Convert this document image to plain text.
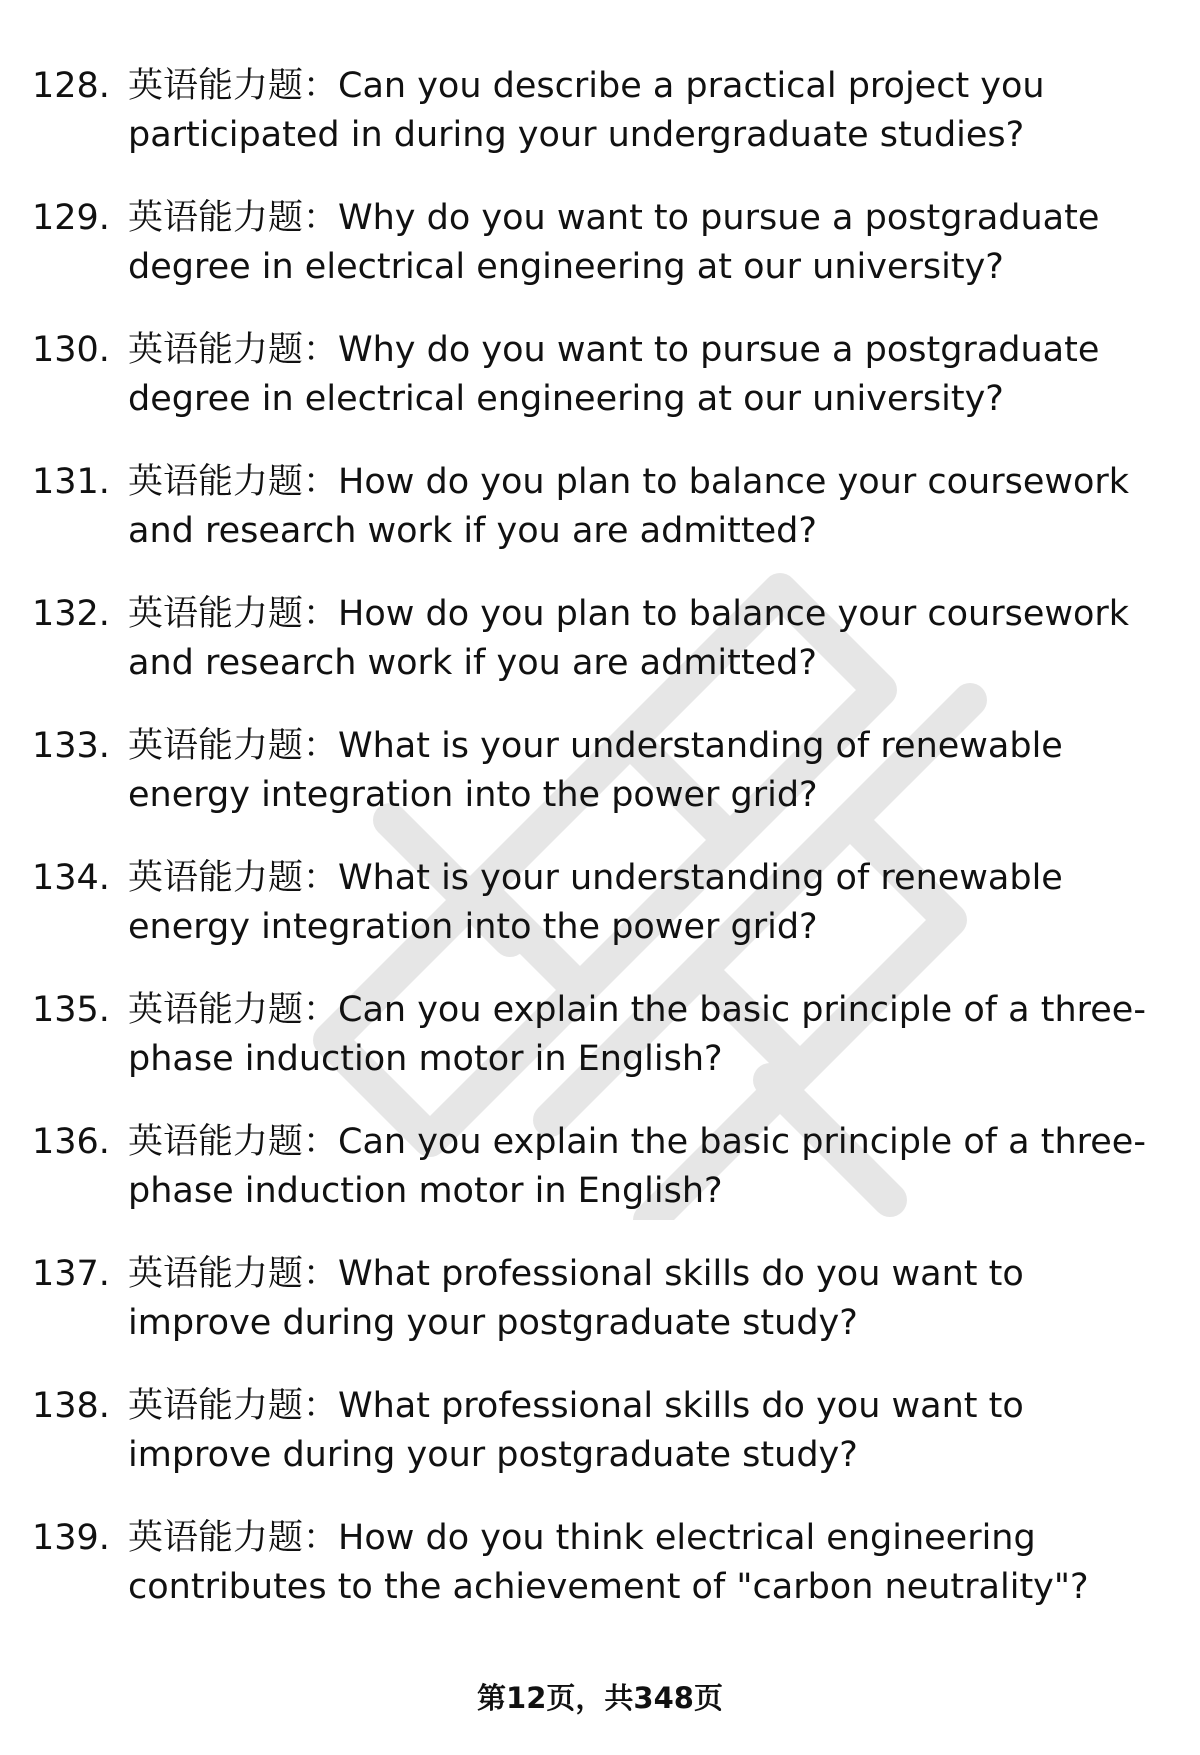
128. 英语能力题：Can you describe a practical project you
participated in during your undergraduate studies?
129. 英语能力题：Why do you want to pursue a postgraduate
degree in electrical engineering at our university?
130. 英语能力题：Why do you want to pursue a postgraduate
degree in electrical engineering at our university?
131. 英语能力题：How do you plan to balance your coursework
and research work if you are admitted?
132. 英语能力题：How do you plan to balance your coursework
and research work if you are admitted?
133. 英语能力题：What is your understanding of renewable
energy integration into the power grid?
134. 英语能力题：What is your understanding of renewable
energy integration into the power grid?
135. 英语能力题：Can you explain the basic principle of a three-
phase induction motor in English?
136. 英语能力题：Can you explain the basic principle of a three-
phase induction motor in English?
137. 英语能力题：What professional skills do you want to
improve during your postgraduate study?
138. 英语能力题：What professional skills do you want to
improve during your postgraduate study?
139. 英语能力题：How do you think electrical engineering
contributes to the achievement of "carbon neutrality"?
第12页，共348页
